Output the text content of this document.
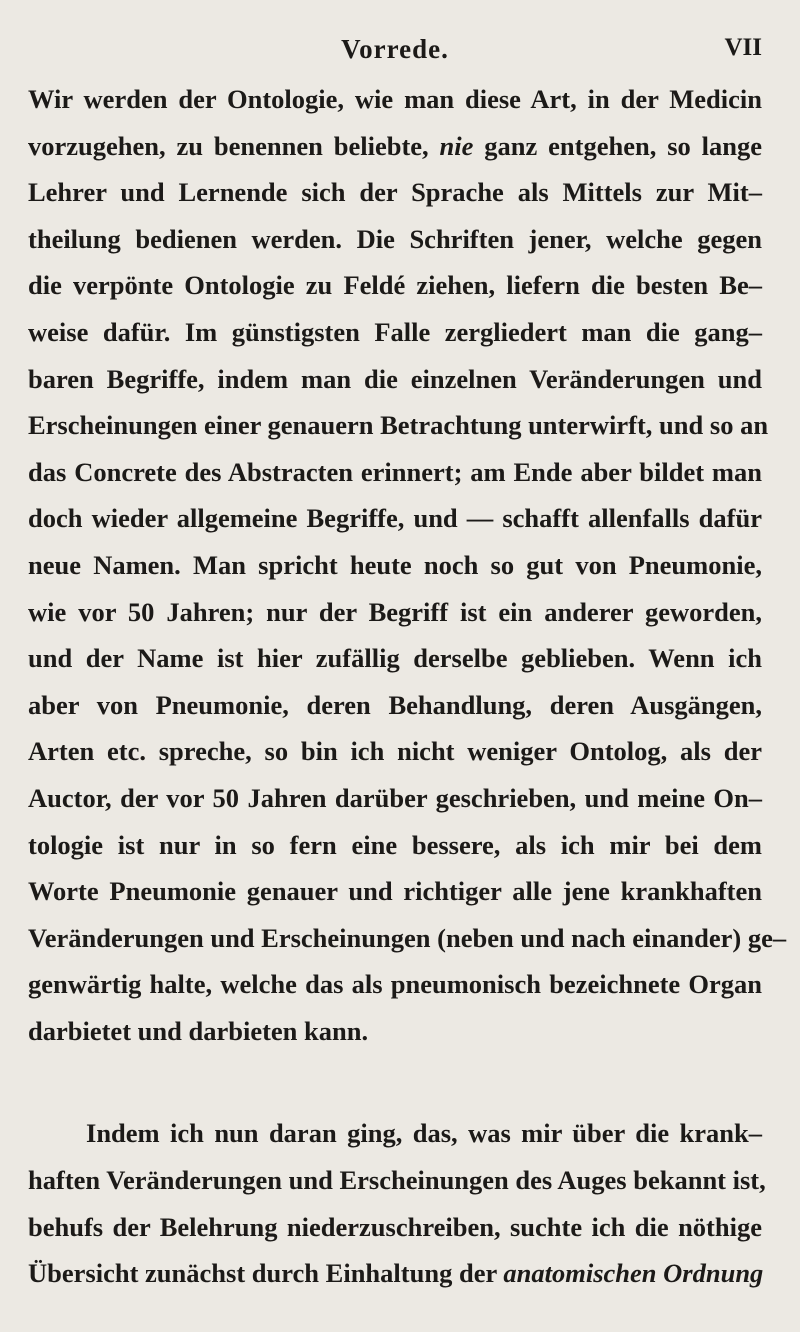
Vorrede.	VII
Wir werden der Ontologie, wie man diese Art, in der Medicin
vorzugehen, zu benennen beliebte, nie ganz entgehen, so lange
Lehrer und Lernende sich der Sprache als Mittels zur Mit–
theilung bedienen werden. Die Schriften jener, welche gegen
die verpönte Ontologie zu Feldé ziehen, liefern die besten Be–
weise dafür. Im günstigsten Falle zergliedert man die gang–
baren Begriffe, indem man die einzelnen Veränderungen und
Erscheinungen einer genauern Betrachtung unterwirft, und so an
das Concrete des Abstracten erinnert; am Ende aber bildet man
doch wieder allgemeine Begriffe, und — schafft allenfalls dafür
neue Namen. Man spricht heute noch so gut von Pneumonie,
wie vor 50 Jahren; nur der Begriff ist ein anderer geworden,
und der Name ist hier zufällig derselbe geblieben. Wenn ich
aber von Pneumonie, deren Behandlung, deren Ausgängen,
Arten etc. spreche, so bin ich nicht weniger Ontolog, als der
Auctor, der vor 50 Jahren darüber geschrieben, und meine On–
tologie ist nur in so fern eine bessere, als ich mir bei dem
Worte Pneumonie genauer und richtiger alle jene krankhaften
Veränderungen und Erscheinungen (neben und nach einander) ge–
genwärtig halte, welche das als pneumonisch bezeichnete Organ
darbietet und darbieten kann.
Indem ich nun daran ging, das, was mir über die krank–
haften Veränderungen und Erscheinungen des Auges bekannt ist,
behufs der Belehrung niederzuschreiben, suchte ich die nöthige
Übersicht zunächst durch Einhaltung der anatomischen Ordnung
